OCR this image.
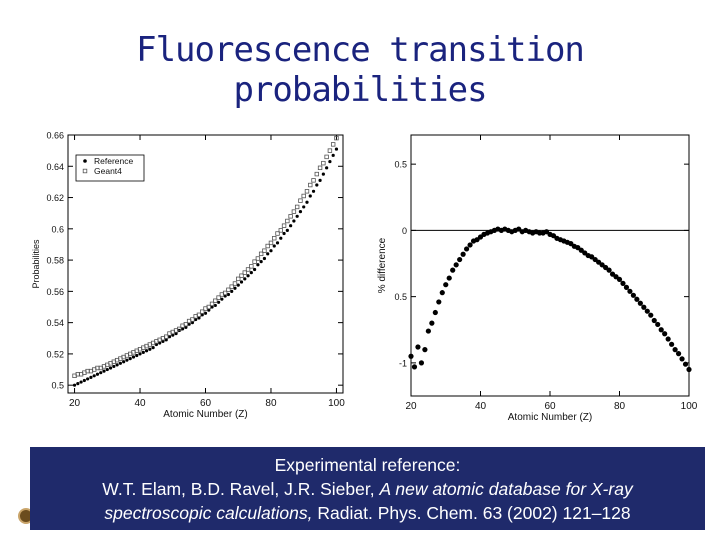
Fluorescence transition probabilities
20	40	60	80	100
0.5
0.52
0.54
0.56
0.58
0.6
0.62
0.64
0.66
Atomic Number (Z)
Probabilities
Reference
Geant4
20	40	60	80	100
-1
0.5
0
0.5
Atomic Number (Z)
% difference
Experimental reference:
W.T. Elam, B.D. Ravel, J.R. Sieber, A new atomic database for X-ray
spectroscopic calculations, Radiat. Phys. Chem. 63 (2002) 121–128
